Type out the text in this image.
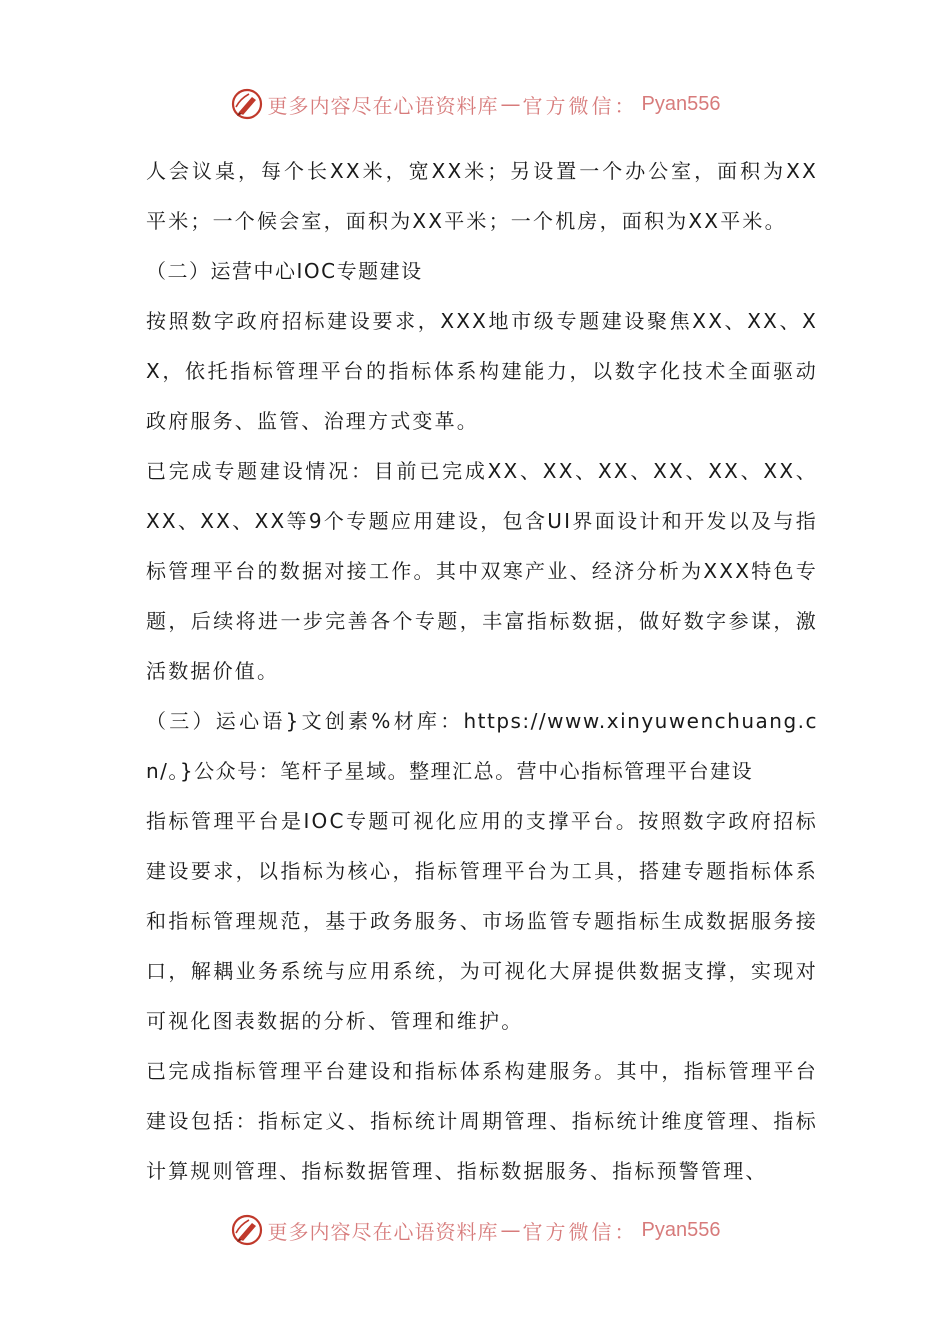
更多内容尽在心语资料库 — 官方微信： Pyan556

人会议桌，每个长XX米，宽XX米；另设置一个办公室，面积为XX平米；一个候会室，面积为XX平米；一个机房，面积为XX平米。

（二）运营中心IOC专题建设

按照数字政府招标建设要求，XXX地市级专题建设聚焦XX、XX、XX，依托指标管理平台的指标体系构建能力，以数字化技术全面驱动政府服务、监管、治理方式变革。

已完成专题建设情况：目前已完成XX、XX、XX、XX、XX、XX、XX、XX、XX等9个专题应用建设，包含UI界面设计和开发以及与指标管理平台的数据对接工作。其中双寒产业、经济分析为XXX特色专题，后续将进一步完善各个专题，丰富指标数据，做好数字参谋，激活数据价值。

（三）运心语}文创素%材库：https://www.xinyuwenchuang.cn/。}公众号：笔杆子星域。整理汇总。营中心指标管理平台建设

指标管理平台是IOC专题可视化应用的支撑平台。按照数字政府招标建设要求，以指标为核心，指标管理平台为工具，搭建专题指标体系和指标管理规范，基于政务服务、市场监管专题指标生成数据服务接口，解耦业务系统与应用系统，为可视化大屏提供数据支撑，实现对可视化图表数据的分析、管理和维护。

已完成指标管理平台建设和指标体系构建服务。其中，指标管理平台建设包括：指标定义、指标统计周期管理、指标统计维度管理、指标计算规则管理、指标数据管理、指标数据服务、指标预警管理、

更多内容尽在心语资料库 — 官方微信： Pyan556
